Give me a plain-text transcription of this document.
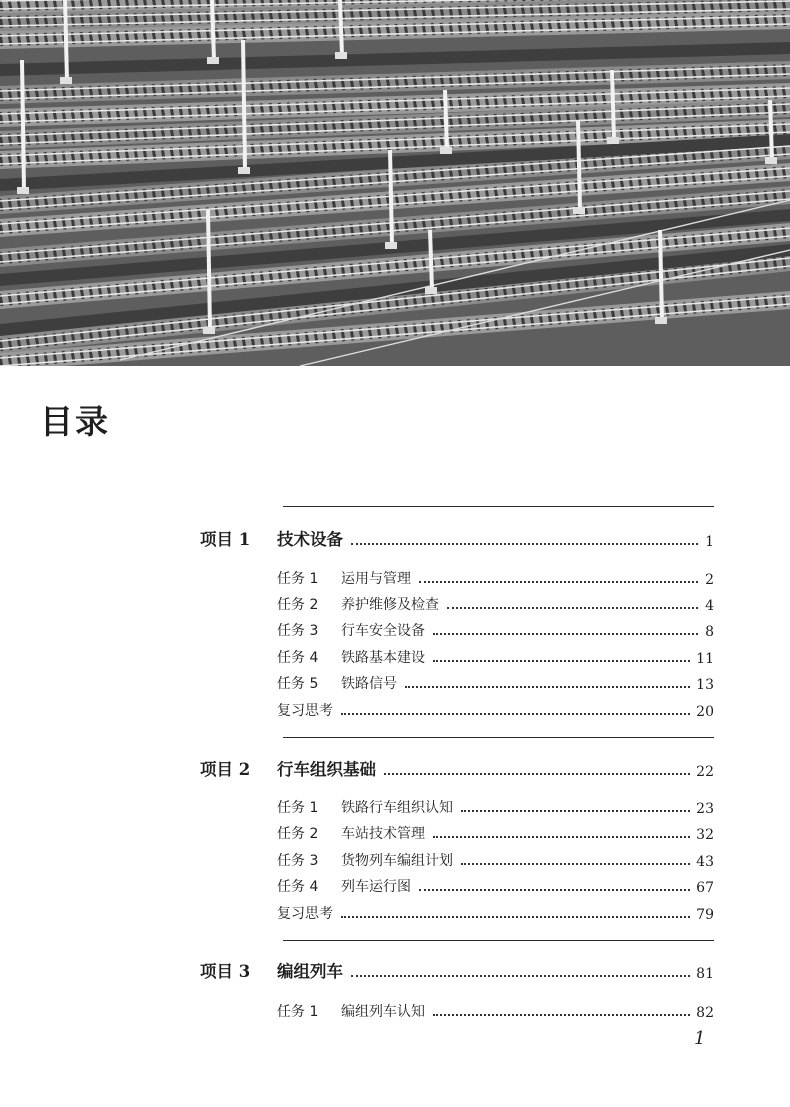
目录
项目 1	技术设备	1
任务 1	运用与管理	2
任务 2	养护维修及检查	4
任务 3	行车安全设备	8
任务 4	铁路基本建设	11
任务 5	铁路信号	13
复习思考	20
项目 2	行车组织基础	22
任务 1	铁路行车组织认知	23
任务 2	车站技术管理	32
任务 3	货物列车编组计划	43
任务 4	列车运行图	67
复习思考	79
项目 3	编组列车	81
任务 1	编组列车认知	82
1
